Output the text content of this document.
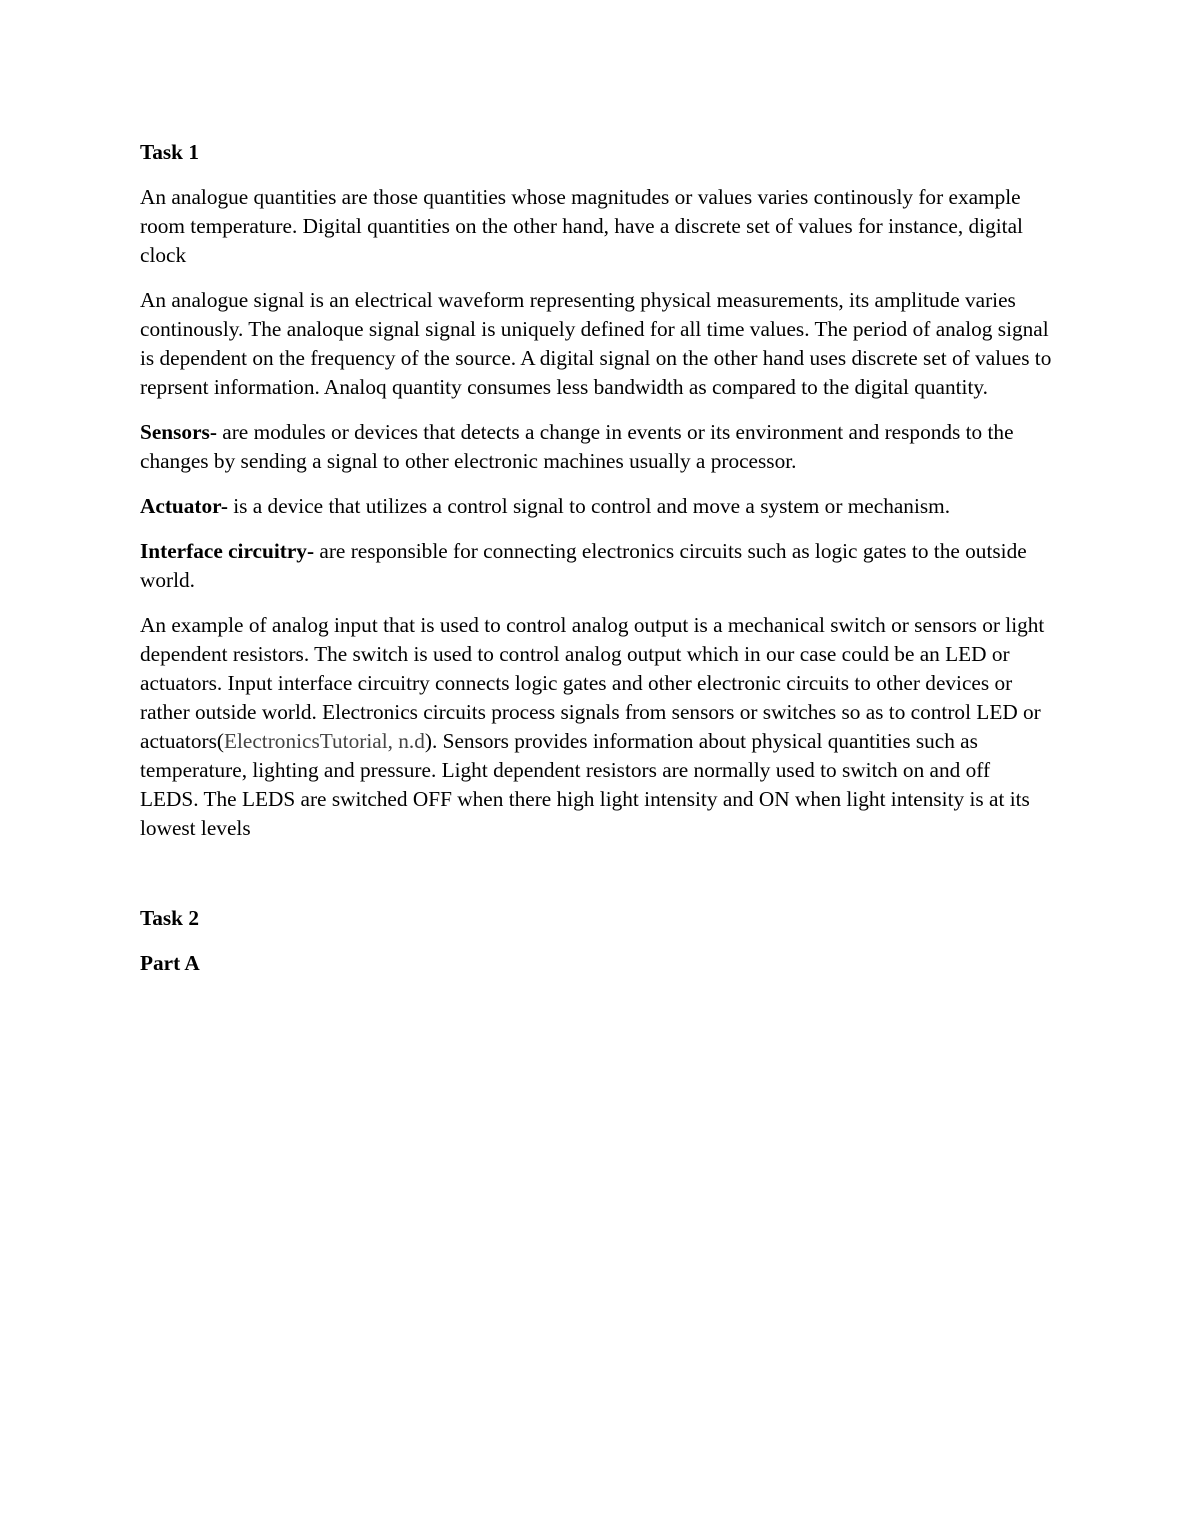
Task 1

An analogue quantities are those quantities whose magnitudes or values varies continously for example room temperature. Digital quantities on the other hand, have a discrete set of values for instance, digital clock

An analogue signal is an electrical waveform representing physical measurements, its amplitude varies continously. The analoque signal signal is uniquely defined for all time values. The period of analog signal is dependent on the frequency of the source. A digital signal on the other hand uses discrete set of values to reprsent information. Analoq quantity consumes less bandwidth as compared to the digital quantity.

Sensors- are modules or devices that detects a change in events or its environment and responds to the changes by sending a signal to other electronic machines usually a processor.

Actuator- is a device that utilizes a control signal to control and move a system or mechanism.

Interface circuitry- are responsible for connecting electronics circuits such as logic gates to the outside world.

An example of analog input that is used to control analog output is a mechanical switch or sensors or light dependent resistors. The switch is used to control analog output which in our case could be an LED or actuators. Input interface circuitry connects logic gates and other electronic circuits to other devices or rather outside world. Electronics circuits process signals from sensors or switches so as to control LED or actuators(ElectronicsTutorial, n.d). Sensors provides information about physical quantities such as temperature, lighting and pressure. Light dependent resistors are normally used to switch on and off LEDS. The LEDS are switched OFF when there high light intensity and ON when light intensity is at its lowest levels

Task 2
Part A
